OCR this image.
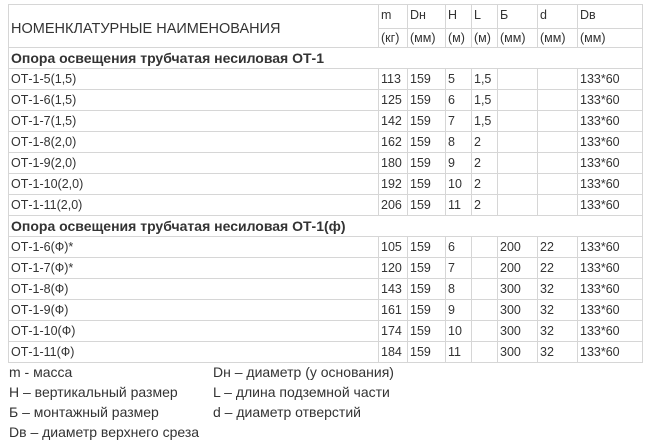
НОМЕНКЛАТУРНЫЕ НАИМЕНОВАНИЯ	m	Dн	H	L	Б	d	Dв
	(кг)	(мм)	(м)	(м)	(мм)	(мм)	(мм)
Опора освещения трубчатая несиловая ОТ-1							
ОТ-1-5(1,5)	113	159	5	1,5			133*60
ОТ-1-6(1,5)	125	159	6	1,5			133*60
ОТ-1-7(1,5)	142	159	7	1,5			133*60
ОТ-1-8(2,0)	162	159	8	2			133*60
ОТ-1-9(2,0)	180	159	9	2			133*60
ОТ-1-10(2,0)	192	159	10	2			133*60
ОТ-1-11(2,0)	206	159	11	2			133*60
Опора освещения трубчатая несиловая ОТ-1(ф)							
ОТ-1-6(Ф)*	105	159	6		200	22	133*60
ОТ-1-7(Ф)*	120	159	7		200	22	133*60
ОТ-1-8(Ф)	143	159	8		300	32	133*60
ОТ-1-9(Ф)	161	159	9		300	32	133*60
ОТ-1-10(Ф)	174	159	10		300	32	133*60
ОТ-1-11(Ф)	184	159	11		300	32	133*60
m - масса	Dн – диаметр (у основания)
H – вертикальный размер	L – длина подземной части
Б – монтажный размер	d – диаметр отверстий
Dв – диаметр верхнего среза
